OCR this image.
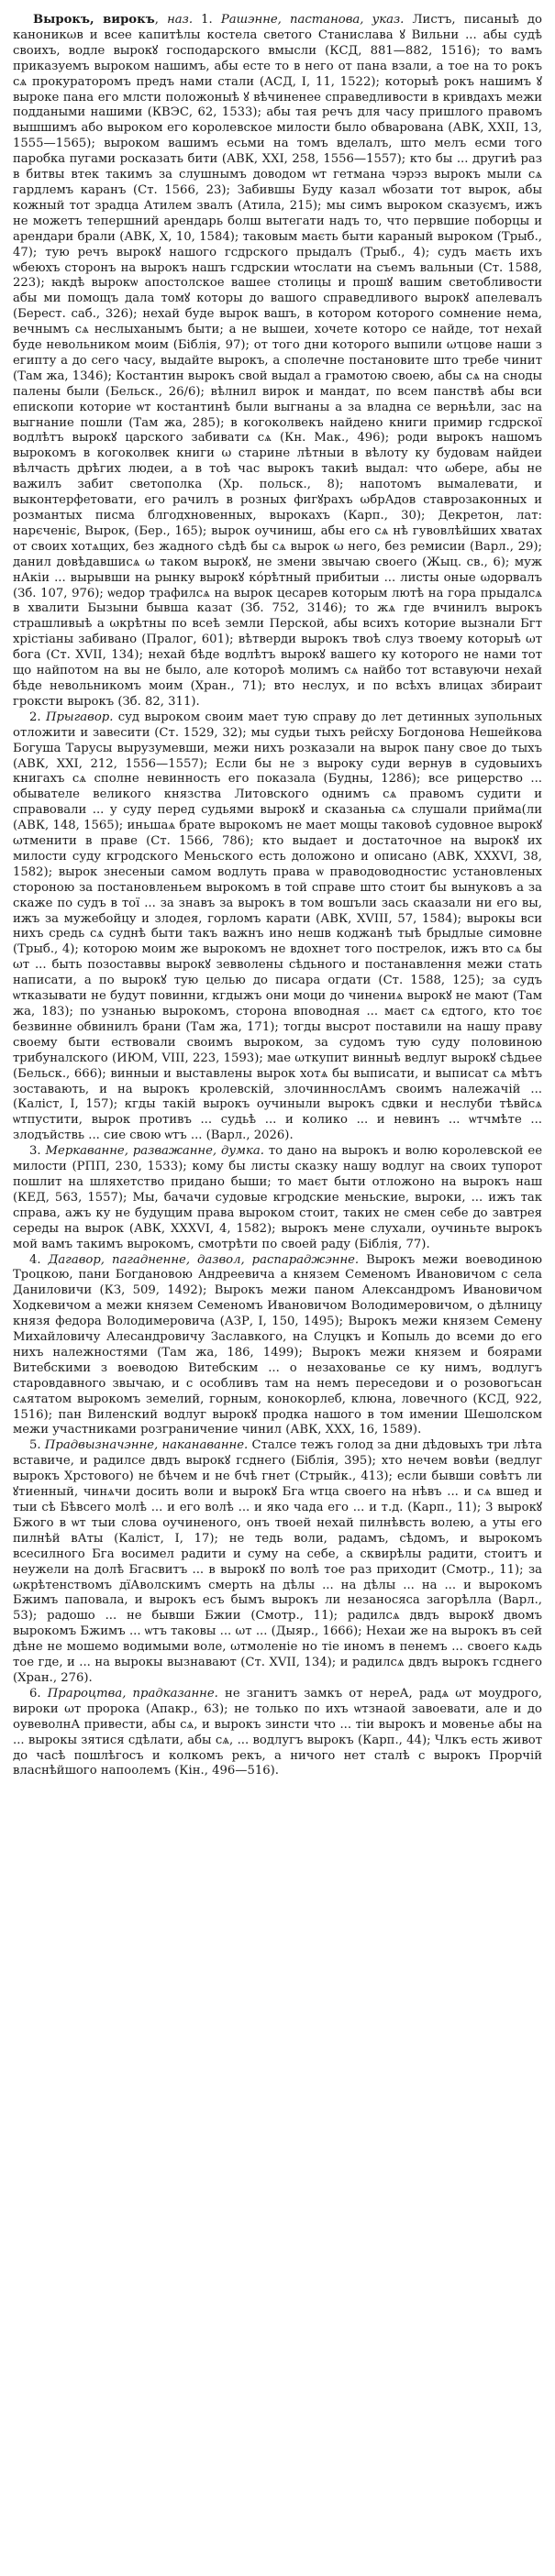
Вырокъ, вирокъ, наз. 1. Рашэнне, пастанова, указ. Листъ, писаныѣ до каноникωв и всее капитѣлы костела светого Станислава ꙋ Вильни ... абы судѣ своихъ, водле вырокꙋ господарского вмысли (КСД, 881—882, 1516); то вамъ приказуемъ выроком нашимъ, абы есте то в него от пана взали, а тое на то рокъ сѧ прокураторомъ предъ нами стали (АСД, I, 11, 1522); которыѣ рокъ нашимъ ꙋ выроке пана его млсти положоныѣ ꙋ вѣчиненее справедливости в кривдахъ межи поддаными нашими (КВЭС, 62, 1533); абы тая речъ для часу пришлого правомъ вышшимъ або выроком его королевское милости было обварована (АВК, XXII, 13, 1555—1565); выроком вашимъ есьми на томъ вделалъ, што мелъ есми того паробка пугами росказать бити (АВК, XXI, 258, 1556—1557); кто бы ... другиѣ раз в битвы втек такимъ за слушнымъ доводом ѡт гетмана чэрэз вырокъ мыли сѧ гардлемъ каранъ (Ст. 1566, 23); Забившы Буду казал ѡбозати тот вырок, абы кожный тот зрадца Атилем звалъ (Атила, 215); мы симъ выроком сказуємъ, ижъ не можетъ тепершний арендарь болш вытегати надъ то, что первшие поборцы и арендари брали (АВК, X, 10, 1584); таковым маєть быти караный выроком (Трыб., 47); тую речъ вырокꙋ нашого гсдрского прыдалъ (Трыб., 4); судъ маєть ихъ ѡбеюхъ сторонъ на вырокъ нашъ гсдрскии ѡтослати на съемъ вальныи (Ст. 1588, 223); ꙗкдѣ вырокѡ апостолское вашее столицы и прошꙋ вашим светобливости абы ми помощъ дала томꙋ которы до вашого справедливого вырокꙋ апелевалъ (Берест. саб., 326); нехай буде вырок вашъ, в котором которого сомнение нема, вечнымъ сѧ неслыханымъ быти; а не вышеи, хочете которо се найде, тот нехай буде невольником моим (Біблія, 97); от того дни которого выпили ωτцове наши з египту а до сего часу, выдайте вырокъ, а сполечне постановите што требе чинит (Там жа, 1346); Костантин вырокъ свой выдал а грамотою своею, абы сѧ на сноды палены были (Бельск., 26/6); вѣлнил вирок и мандат, по всем панствѣ абы вси епископи которие ѡт костантинѣ были выгнаны а за влaднa се верњѣли, зас на выгнание пошли (Там жа, 285); в когоколвекъ найдено книги примир гсдрскої водлѣтъ вырокꙋ царского забивати сѧ (Кн. Мак., 496); роди вырокъ нашомъ вырокомъ в когоколвек книги ω старине лѣтныи в вѣлоту ку будовам найдеи вѣлчасть дрѣгих людеи, а в тоѣ час вырокъ такиѣ выдал: что ωбере, абы не важилъ забит светополка (Хр. польск., 8); напотомъ вымалевати, и выконтерфетовати, его рачилъ в розных фигꙋрахъ ωбрАдов ставрозаконных и розмантых писма блгодхновенных, вырокахъ (Карп., 30); Декретон, лат: нарєченіє, Вырок, (Бер., 165); вырок оучиниш, абы его сѧ нѣ гувовлѣйших хватах от своих хотѧщих, без жадного сѣдѣ бы сѧ вырок ω него, без ремисии (Варл., 29); данил довѣдавшисѧ ω таком вырокꙋ, не змени звычаю своего (Жыц. св., 6); муж нАкіи ... вырывши на рынку вырокꙋ кόрѣтный прибитыи ... листы оные ωдорвалъ (Зб. 107, 976); ѡедор трафилсѧ на вырок цесарев которым лютѣ на гора прыдалсѧ в хвалити Бызыни бывша казат (Зб. 752, 3146); то жѧ где вчинилъ вырокъ страшливыѣ а ωкрѣтны по всеѣ земли Перской, абы всихъ которие вызнали Бгт хрістiаны забивано (Пралог, 601); вѣтверди вырокъ твоѣ слуз твоему которыѣ ωт бога (Ст. XVII, 134); нехай бѣде водлѣтъ вырокꙋ вашего ку которого не нами тот що найпотом на вы не было, але котороѣ молимъ сѧ найбо тот вставуючи нехай бѣде невольникомъ моим (Хран., 71); вто неслух, и по всѣхъ влицах збираит гроксти вырокъ (Зб. 82, 311).

2. Прыгавор. суд выроком своим мает тую справу до лет детинных зупольных отложити и завесити (Ст. 1529, 32); мы судьи тыхъ рейсху Богдонова Нешейкова Богуша Тарусы вырузумевши, межи нихъ розказали на вырок пану свое до тыхъ (АВК, XXI, 212, 1556—1557); Если бы не з выроку суди вернув в судовыихъ книгахъ сѧ сполне невинность его показала (Будны, 1286); все рицерство ... обывателе великого князства Литовского однимъ сѧ правомъ судити и справовали ... у суду перед судьями вырокꙋ и сказаньꙗ сѧ слушали прийма(ли (АВК, 148, 1565); иньшаѧ брате вырокомъ не мает мощы таковоѣ судовное вырокꙋ ωтменити в праве (Ст. 1566, 786); кто выдает и достаточное на вырокꙋ их милости суду кгродского Меньского есть доложоно и описано (АВК, XXXVI, 38, 1582); вырок знесеныи самом водлуть права ѡ праводоводностис установленых стороною за постановленьем вырокомъ в той справе што стоит бы вынуковъ а за скаже по судъ в тої ... за знавъ за вырокъ в том вошъли зась скаазали ни его вы, ижъ за мужебойцу и злодея, горломъ карати (АВК, XVIII, 57, 1584); вырокы вси нихъ средь сѧ суднѣ быти такъ важнъ ино нешв коджанѣ тыѣ брыдлые симовне (Трыб., 4); которою моим же вырокомъ не вдохнет того пострелок, ижъ вто сѧ бы ωт ... быть позоставвы вырокꙋ зевволены сѣдьного и постанавлення межи стать написати, а по вырокꙋ тую целью до писара огдати (Ст. 1588, 125); за судъ ѡтказывати не будут повинни, кгдыжъ они моци до чинениѧ вырокꙋ не мают (Там жа, 183); по узнанью вырокомъ, сторона вповодная ... маєт сѧ єдтого, кто тоє безвинне обвинилъ брани (Там жа, 171); тогды высрот поставили на нашу праву своему быти ествовали своимъ выроком, за судомъ тую суду половиною трибуналского (ИЮМ, VIII, 223, 1593); мае ωткупит винныѣ ведлуг вырокꙋ сѣдьее (Бельск., 666); винныи и выставлены вырок хотѧ бы выписати, и выписат сѧ мѣтъ зоставають, и на вырокъ кролевскій, злочиннослАмъ своимъ належачiй ... (Каліст, I, 157); кгды такiй вырокъ оучиныли вырокъ сдвки и неслуби тѣвйсѧ ѡтпустити, вырок противъ ... судьѣ ... и колико ... и невинъ ... ѡтчмѣте ... злодъйствь ... сие свою ѡтъ ... (Варл., 2026).

3. Меркаванне, развaжанне, думка. то дано на вырокъ и волю королевской ее милости (РПП, 230, 1533); кому бы листы сказку нашу водлуг на своих тупорот пошлит на шляхетство придано быши; то маєт быти отложоно на вырокъ наш (КЕД, 563, 1557); Мы, бачачи судовые кгродские меньские, выроки, ... ижъ так справа, ажъ ку не будущим права выроком стоит, таких не смен себе до завтрея середы на вырок (АВК, XXXVI, 4, 1582); вырокъ мене слухали, оучиньте вырокъ мой вамъ такимъ вырокомъ, смотрѣти по своей раду (Біблія, 77).

4. Дагавор, пагадненне, дазвол, распараджэнне. Вырокъ межи воеводиною Троцкою, пани Богдановою Андреевича а князем Семеномъ Ивановичом с села Даниловичи (КЗ, 509, 1492); Вырокъ межи паном Александромъ Ивановичом Ходкевичом а межи князем Семеномъ Ивановичом Володимеровичом, о дѣлницу князя федора Володимеровича (АЗР, I, 150, 1495); Вырокъ межи князем Семену Михайловичу Алесандровичу Заславкого, на Слуцкъ и Копыль до всеми до его нихъ належностями (Там жа, 186, 1499); Вырокъ межи князем и боярами Витебскими з воеводою Витебским ... о незахованье се ку нимъ, водлугъ старовдавного звычаю, и с особливъ там на немъ переседови и о розовогьсан сѧятатом вырокомъ земелий, горным, конокорлеб, клюна, ловечного (КСД, 922, 1516); пан Виленский водлуг вырокꙋ продка нашого в том имении Шешолском межи участниками розграничение чинил (АВК, XXX, 16, 1589).

5. Прадвызначэнне, наканаванне. Сталсе тежъ голод за дни дѣдовыхъ три лѣта вставиче, и радилсе двдъ вырокꙋ гсднего (Біблія, 395); хто нечем вовѣи (ведлуг вырокъ Хрстового) не бѣчем и не бчѣ гнет (Стрыйк., 413); если бывши совѣтъ ли ꙋтиенный, чинѧчи досить воли и вырокꙋ Бга ѡтца своего на нѣвъ ... и сѧ вшед и тыи сѣ Бѣвсего молѣ ... и его волѣ ... и яко чада его ... и т.д. (Карп., 11); 3 вырокꙋ Бжого в ѡт тыи слова оучиненого, онъ твоей нехай пилнѣвсть волею, а уты его пилнѣй вАты (Каліст, I, 17); не тедь воли, радамъ, сѣдомъ, и вырокомъ всесилного Бга восимел радити и суму на себе, а сквирѣлы радити, стоитъ и неужели на долѣ Бгасвитъ ... в вырокꙋ по волѣ тое раз приходит (Смотр., 11); за ωкрѣтенствомъ дїАволскимъ смерть на дѣлы ... на дѣлы ... на ... и вырокомъ Бжимъ паповала, и вырокъ есъ бымъ вырокъ ли незаносяса загорѣлла (Варл., 53); радошо ... не бывши Бжии (Смотр., 11); радилсѧ двдъ вырокꙋ двомъ вырокомъ Бжимъ ... ѡтъ таковы ... ωт ... (Дыяр., 1666); Нехаи же на вырокъ въ сей дѣне не мошемо водимыми воле, ωтмоленіе но тіе иномъ в пенемъ ... своего кѧдь тое где, и ... на вырокы вызнавают (Ст. XVII, 134); и радилсѧ двдъ вырокъ гсднего (Хран., 276).

6. Прароцтва, прадказанне. не зганитъ замкъ от нереА, радѧ ωт моудрого, вироки ωт пророка (Апакр., 63); не только по ихъ ѡтзнаой завоевати, але и до оувеволнA привести, абы сѧ, и вырокъ зинсти что ... тiи вырокъ и мовенье абы на ... вырокы зятися сдѣлати, абы сѧ, ... водлугъ вырокъ (Карп., 44); Члкъ есть живот до часѣ пошлѣгосъ и колкомъ рекъ, а ничого нет сталѣ с вырокъ Прорчiй власнѣйшого напоолемъ (Кін., 496—516).
